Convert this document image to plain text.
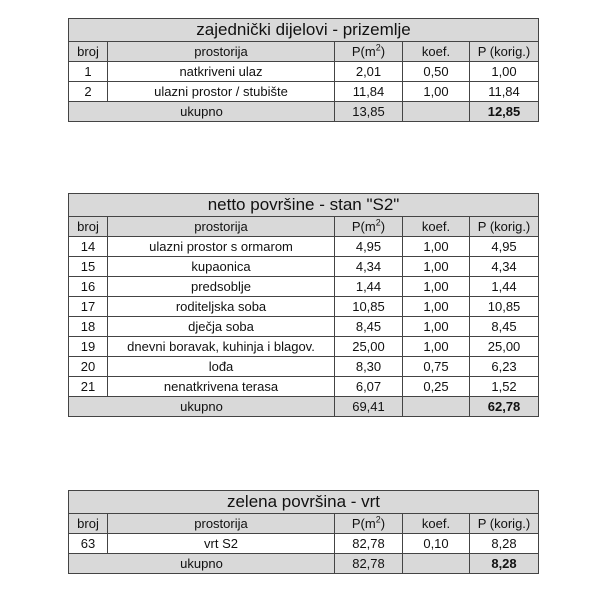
zajednički dijelovi - prizemlje				
broj	prostorija	$P(m^2)$	koef.	P (korig.)
1	natkriveni ulaz	2,01	0,50	1,00
2	ulazni prostor / stubište	11,84	1,00	11,84
ukupno		13,85		12,85
netto površine - stan "S2"				
broj	prostorija	$P(m^2)$	koef.	P (korig.)
14	ulazni prostor s ormarom	4,95	1,00	4,95
15	kupaonica	4,34	1,00	4,34
16	predsoblje	1,44	1,00	1,44
17	roditeljska soba	10,85	1,00	10,85
18	dječja soba	8,45	1,00	8,45
19	dnevni boravak, kuhinja i blagov.	25,00	1,00	25,00
20	lođa	8,30	0,75	6,23
21	nenatkrivena terasa	6,07	0,25	1,52
ukupno		69,41		62,78
zelena površina - vrt				
broj	prostorija	$P(m^2)$	koef.	P (korig.)
63	vrt S2	82,78	0,10	8,28
ukupno		82,78		8,28
